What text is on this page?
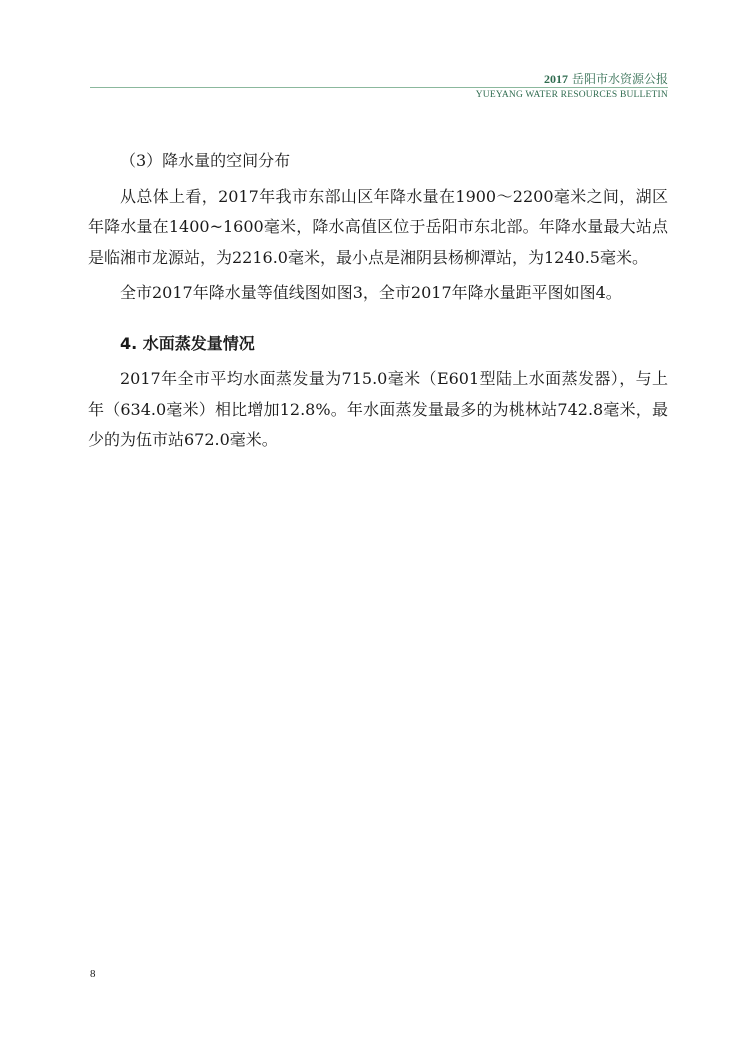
2017 岳阳市水资源公报
YUEYANG WATER RESOURCES BULLETIN

（3）降水量的空间分布

从总体上看，2017年我市东部山区年降水量在1900～2200毫米之间，湖区年降水量在1400~1600毫米，降水高值区位于岳阳市东北部。年降水量最大站点是临湘市龙源站，为2216.0毫米，最小点是湘阴县杨柳潭站，为1240.5毫米。

全市2017年降水量等值线图如图3，全市2017年降水量距平图如图4。

4. 水面蒸发量情况

2017年全市平均水面蒸发量为715.0毫米（E601型陆上水面蒸发器），与上年（634.0毫米）相比增加12.8%。年水面蒸发量最多的为桃林站742.8毫米，最少的为伍市站672.0毫米。

8
